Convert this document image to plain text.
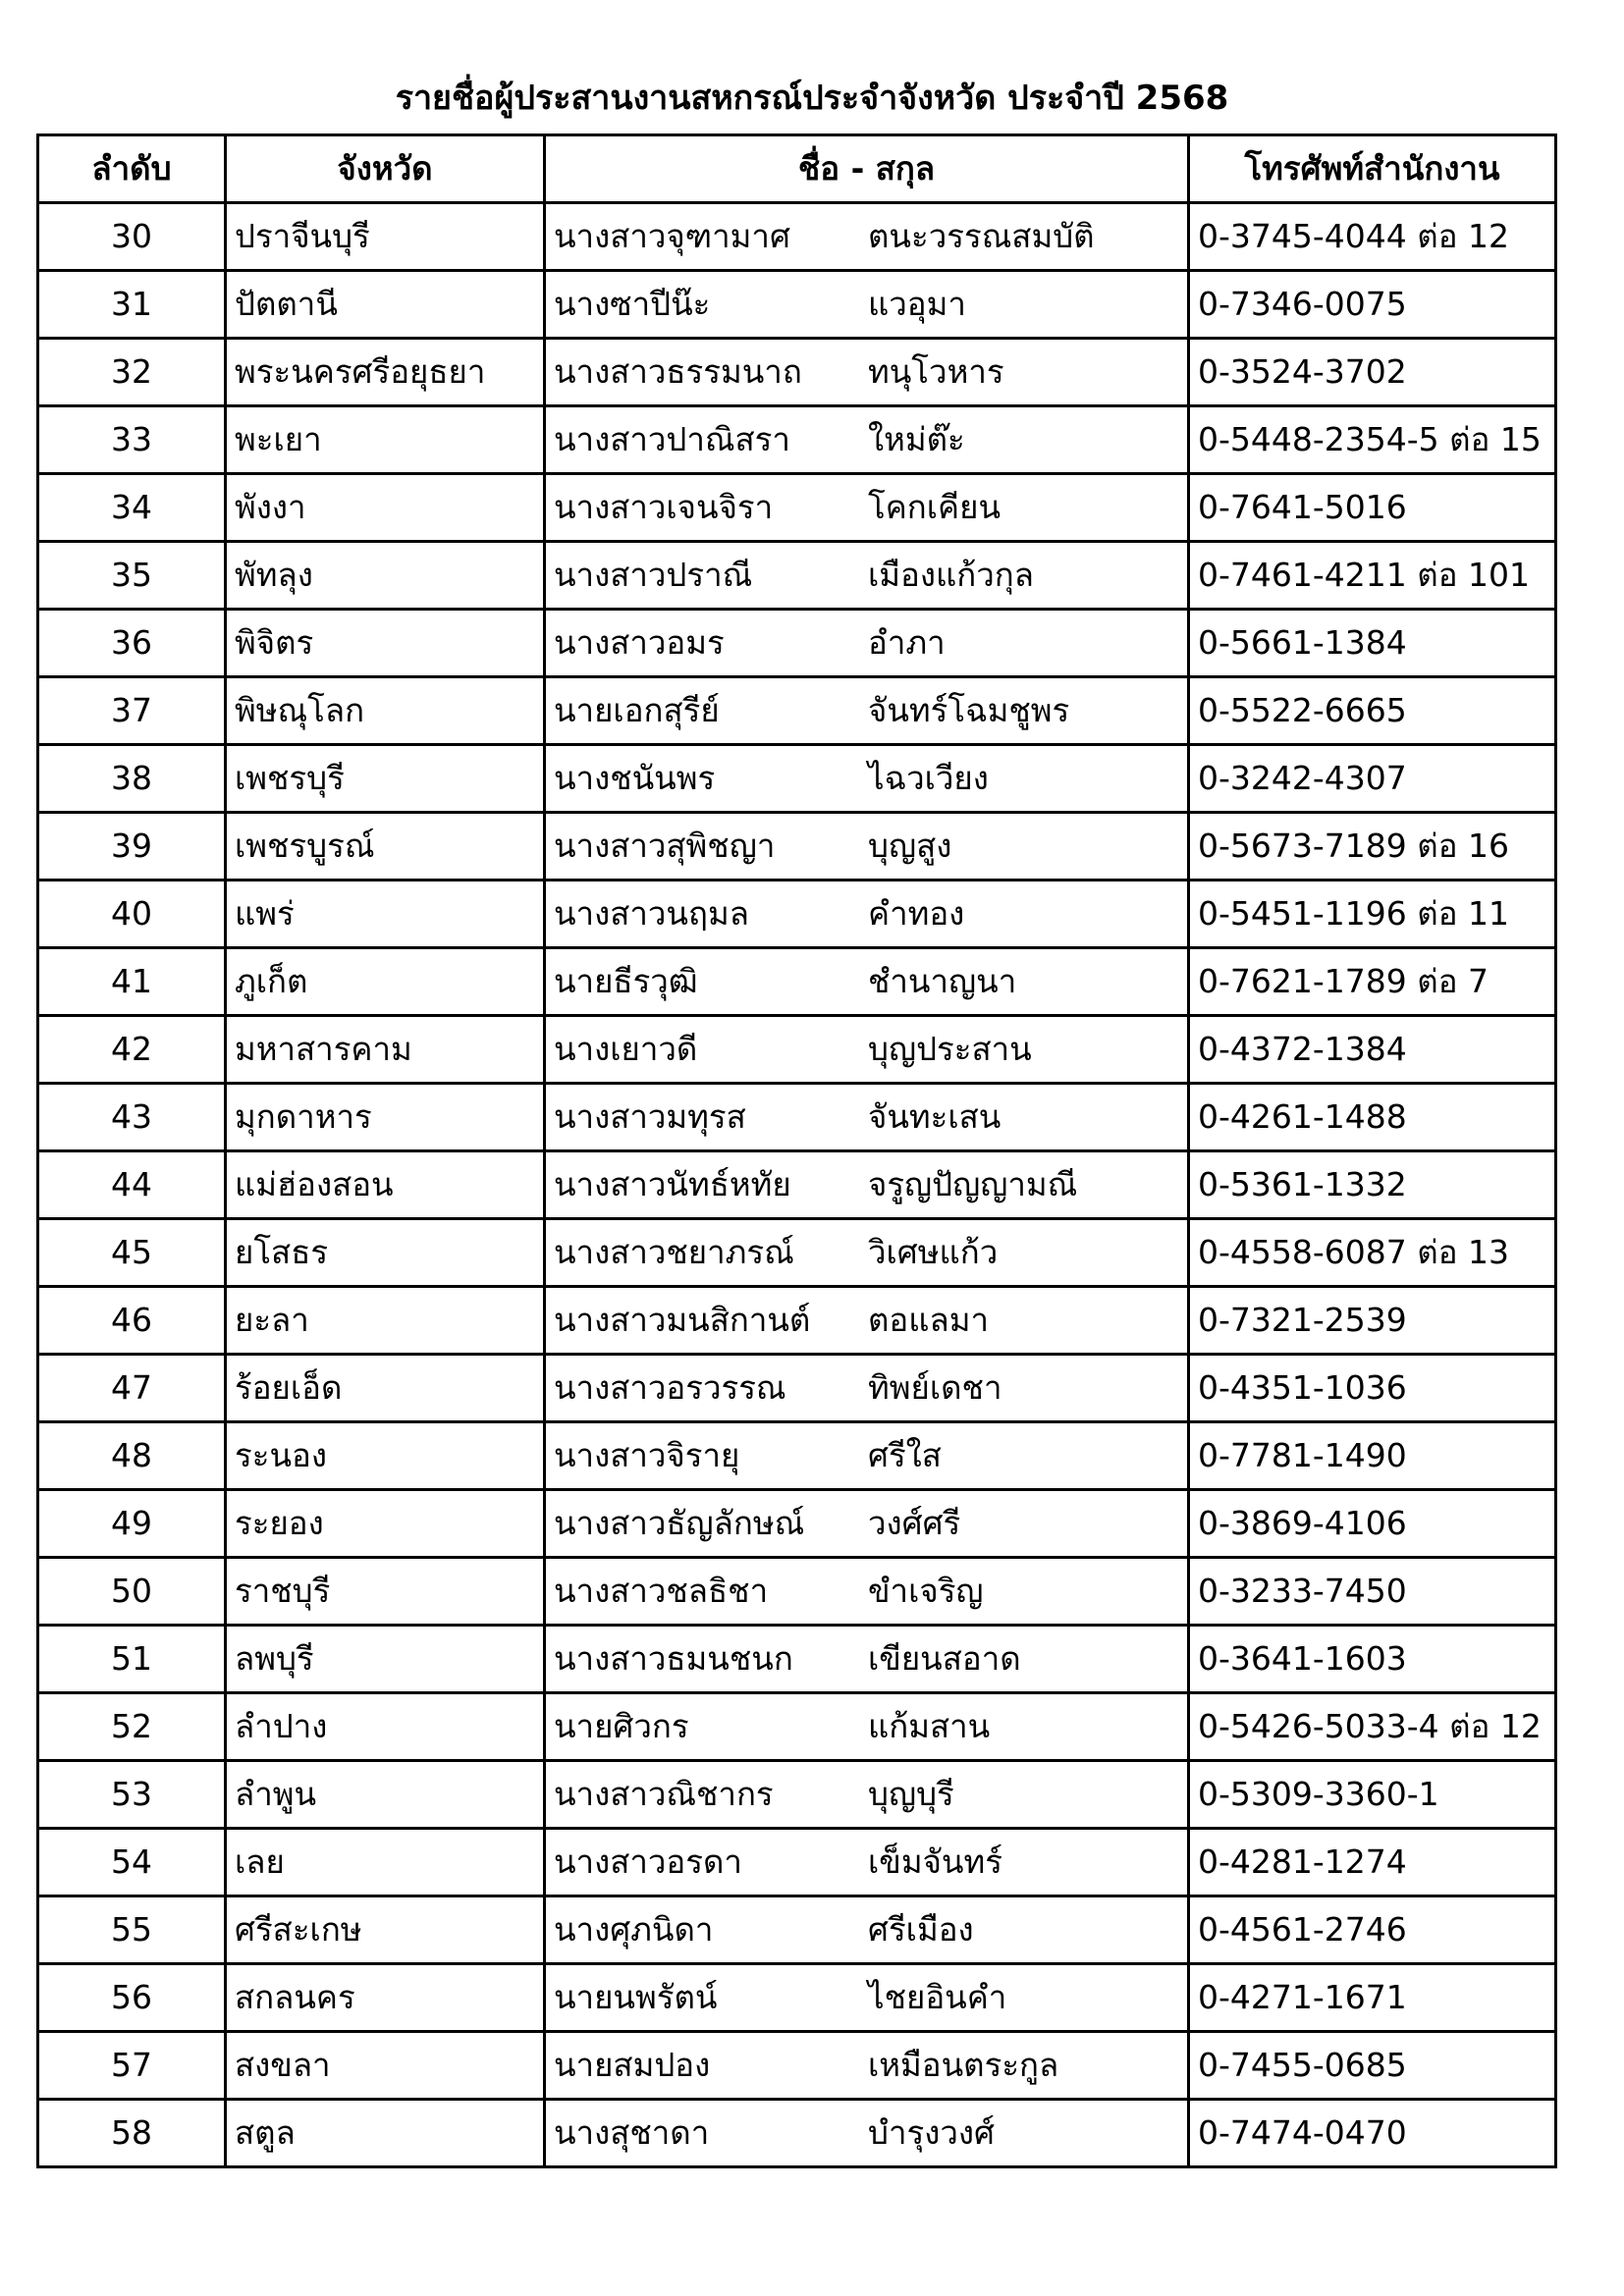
รายชื่อผู้ประสานงานสหกรณ์ประจำจังหวัด ประจำปี 2568
ลำดับ	จังหวัด	ชื่อ - สกุล	โทรศัพท์สำนักงาน
30	ปราจีนบุรี	นางสาวจุฑามาศ ตนะวรรณสมบัติ	0-3745-4044 ต่อ 12
31	ปัตตานี	นางซาปีน๊ะ แวอุมา	0-7346-0075
32	พระนครศรีอยุธยา	นางสาวธรรมนาถ ทนุโวหาร	0-3524-3702
33	พะเยา	นางสาวปาณิสรา ใหม่ต๊ะ	0-5448-2354-5 ต่อ 15
34	พังงา	นางสาวเจนจิรา โคกเคียน	0-7641-5016
35	พัทลุง	นางสาวปราณี เมืองแก้วกุล	0-7461-4211 ต่อ 101
36	พิจิตร	นางสาวอมร อำภา	0-5661-1384
37	พิษณุโลก	นายเอกสุรีย์ จันทร์โฉมชูพร	0-5522-6665
38	เพชรบุรี	นางชนันพร ไฉวเวียง	0-3242-4307
39	เพชรบูรณ์	นางสาวสุพิชญา บุญสูง	0-5673-7189 ต่อ 16
40	แพร่	นางสาวนฤมล คำทอง	0-5451-1196 ต่อ 11
41	ภูเก็ต	นายธีรวุฒิ ชำนาญนา	0-7621-1789 ต่อ 7
42	มหาสารคาม	นางเยาวดี บุญประสาน	0-4372-1384
43	มุกดาหาร	นางสาวมทุรส จันทะเสน	0-4261-1488
44	แม่ฮ่องสอน	นางสาวนัทธ์หทัย จรูญปัญญามณี	0-5361-1332
45	ยโสธร	นางสาวชยาภรณ์ วิเศษแก้ว	0-4558-6087 ต่อ 13
46	ยะลา	นางสาวมนสิกานต์ ตอแลมา	0-7321-2539
47	ร้อยเอ็ด	นางสาวอรวรรณ ทิพย์เดชา	0-4351-1036
48	ระนอง	นางสาวจิรายุ ศรีใส	0-7781-1490
49	ระยอง	นางสาวธัญลักษณ์ วงศ์ศรี	0-3869-4106
50	ราชบุรี	นางสาวชลธิชา ขำเจริญ	0-3233-7450
51	ลพบุรี	นางสาวธมนชนก เขียนสอาด	0-3641-1603
52	ลำปาง	นายศิวกร แก้มสาน	0-5426-5033-4 ต่อ 12
53	ลำพูน	นางสาวณิชากร บุญบุรี	0-5309-3360-1
54	เลย	นางสาวอรดา เข็มจันทร์	0-4281-1274
55	ศรีสะเกษ	นางศุภนิดา ศรีเมือง	0-4561-2746
56	สกลนคร	นายนพรัตน์ ไชยอินคำ	0-4271-1671
57	สงขลา	นายสมปอง เหมือนตระกูล	0-7455-0685
58	สตูล	นางสุชาดา บำรุงวงศ์	0-7474-0470
